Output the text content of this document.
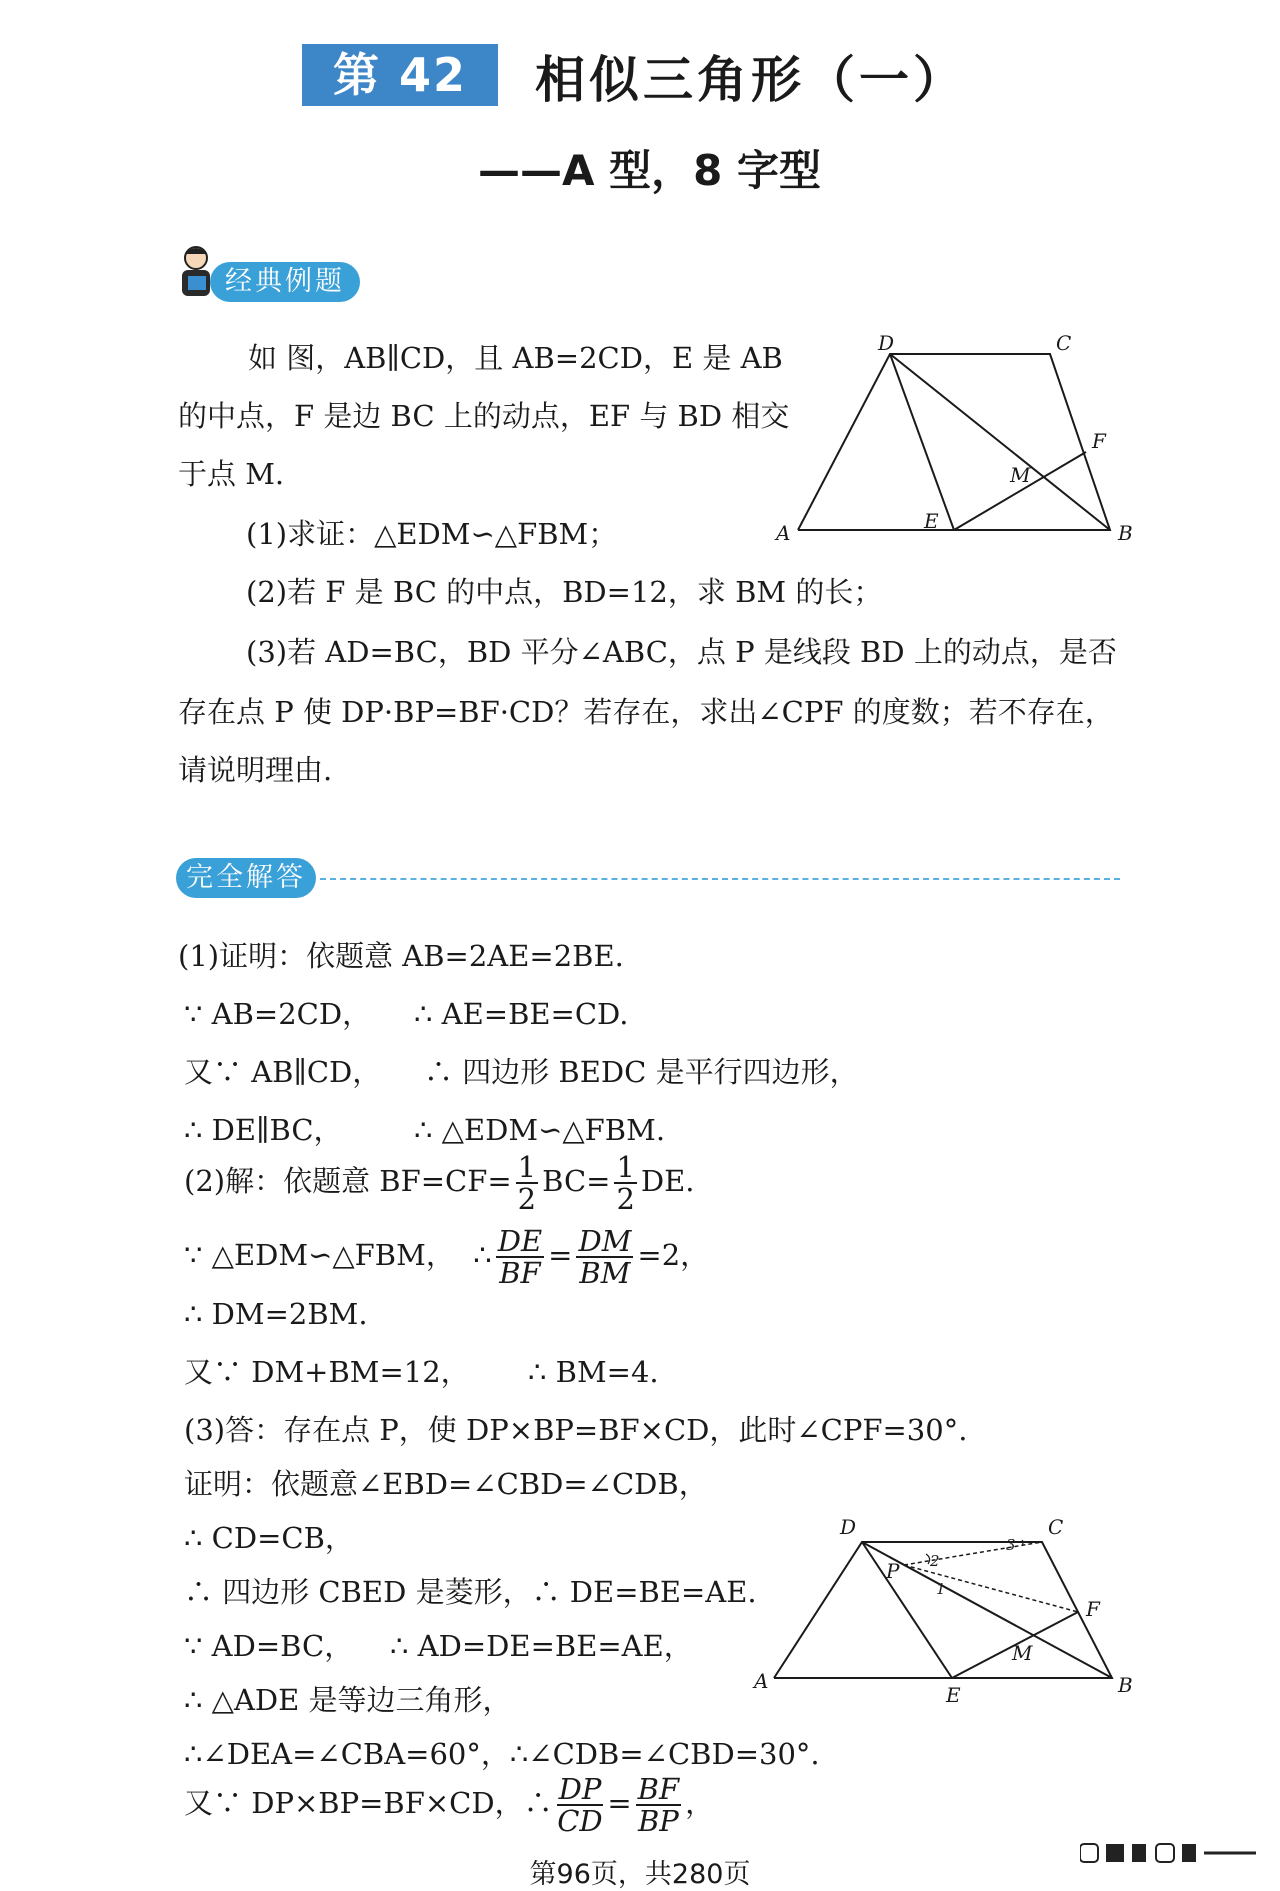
第 42 讲
相似三角形（一）
——A 型，8 字型
经典例题
如 图，AB∥CD，且 AB=2CD，E 是 AB
的中点，F 是边 BC 上的动点，EF 与 BD 相交
于点 M.
(1)求证：△EDM∽△FBM；
(2)若 F 是 BC 的中点，BD=12，求 BM 的长；
(3)若 AD=BC，BD 平分∠ABC，点 P 是线段 BD 上的动点，是否
存在点 P 使 DP·BP=BF·CD？若存在，求出∠CPF 的度数；若不存在，
请说明理由.
D	C
F
M
A	E	B
完全解答
(1)证明：依题意 AB=2AE=2BE.
∵ AB=2CD， ∴ AE=BE=CD.
又∵ AB∥CD， ∴ 四边形 BEDC 是平行四边形，
∴ DE∥BC， ∴ △EDM∽△FBM.
(2)解：依题意 $BF=CF= \frac{1}{2} BC= \frac{1}{2}$ DE.
∵ △EDM∽△FBM， ∴ $\frac{DE}{BF} = \frac{DM}{BM} =2$，
∴ DM=2BM.
又∵ DM+BM=12， ∴ BM=4.
(3)答：存在点 P，使 DP×BP=BF×CD，此时∠CPF=30°.
证明：依题意∠EBD=∠CBD=∠CDB，
∴ CD=CB，
∴ 四边形 CBED 是菱形，∴ DE=BE=AE.
∵ AD=BC， ∴ AD=DE=BE=AE，
∴ △ADE 是等边三角形，
∴∠DEA=∠CBA=60°，∴∠CDB=∠CBD=30°.
又∵ DP×BP=BF×CD，∴ $\frac{DP}{CD} = \frac{BF}{BP}$ ，
D	C
P 2
1
3
F
M
A
E	B
第96页，共280页
